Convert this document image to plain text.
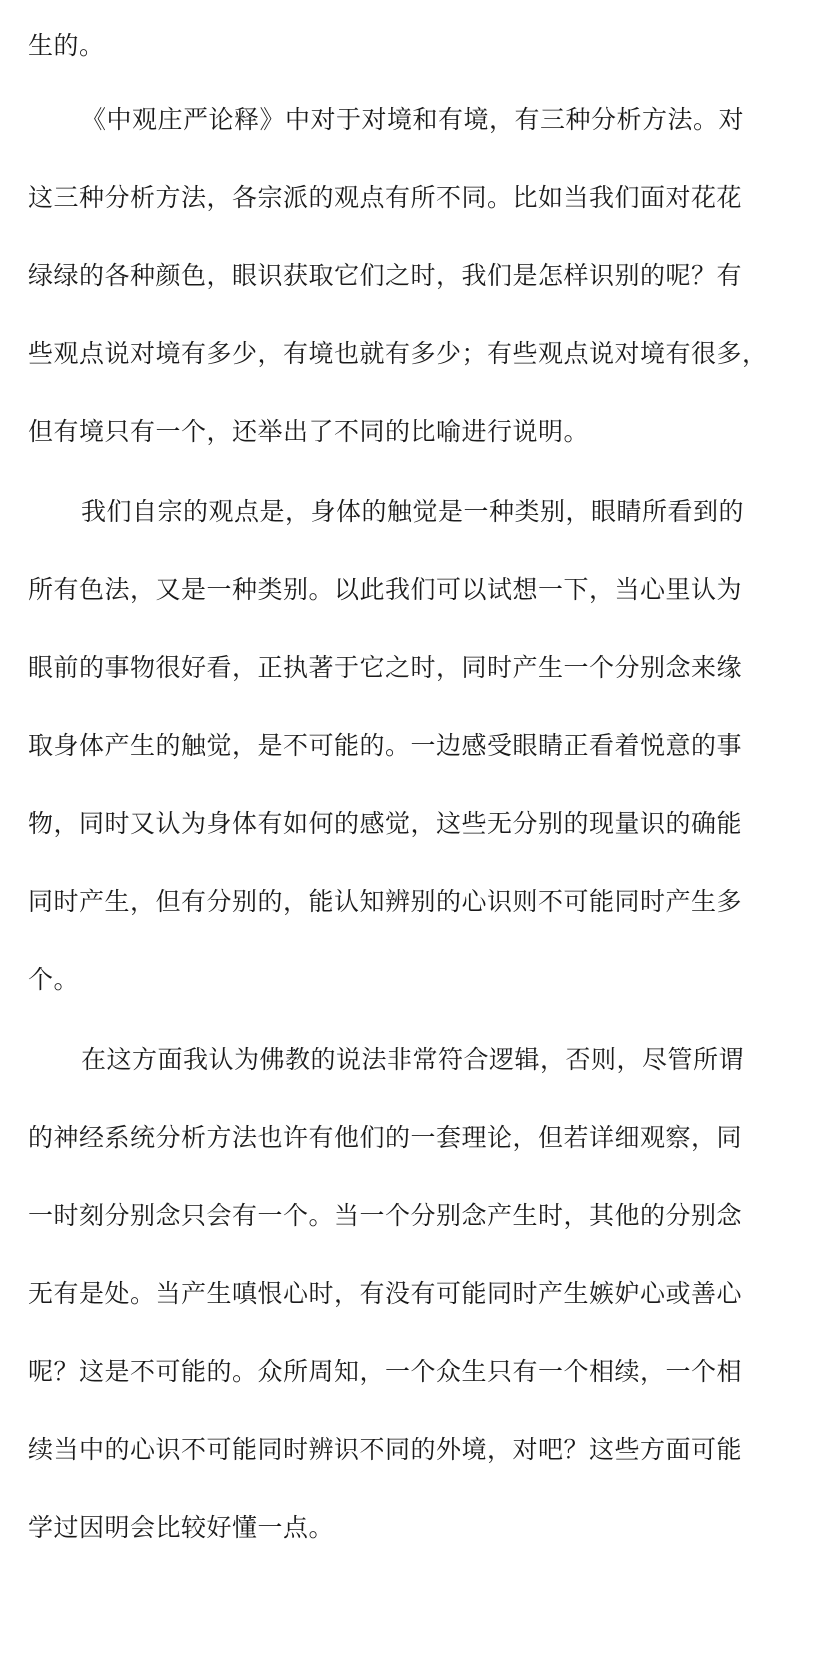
生的。
《中观庄严论释》中对于对境和有境，有三种分析方法。对
这三种分析方法，各宗派的观点有所不同。比如当我们面对花花
绿绿的各种颜色，眼识获取它们之时，我们是怎样识别的呢？有
些观点说对境有多少，有境也就有多少；有些观点说对境有很多，
但有境只有一个，还举出了不同的比喻进行说明。
我们自宗的观点是，身体的触觉是一种类别，眼睛所看到的
所有色法，又是一种类别。以此我们可以试想一下，当心里认为
眼前的事物很好看，正执著于它之时，同时产生一个分别念来缘
取身体产生的触觉，是不可能的。一边感受眼睛正看着悦意的事
物，同时又认为身体有如何的感觉，这些无分别的现量识的确能
同时产生，但有分别的，能认知辨别的心识则不可能同时产生多
个。
在这方面我认为佛教的说法非常符合逻辑，否则，尽管所谓
的神经系统分析方法也许有他们的一套理论，但若详细观察，同
一时刻分别念只会有一个。当一个分别念产生时，其他的分别念
无有是处。当产生嗔恨心时，有没有可能同时产生嫉妒心或善心
呢？这是不可能的。众所周知，一个众生只有一个相续，一个相
续当中的心识不可能同时辨识不同的外境，对吧？这些方面可能
学过因明会比较好懂一点。
